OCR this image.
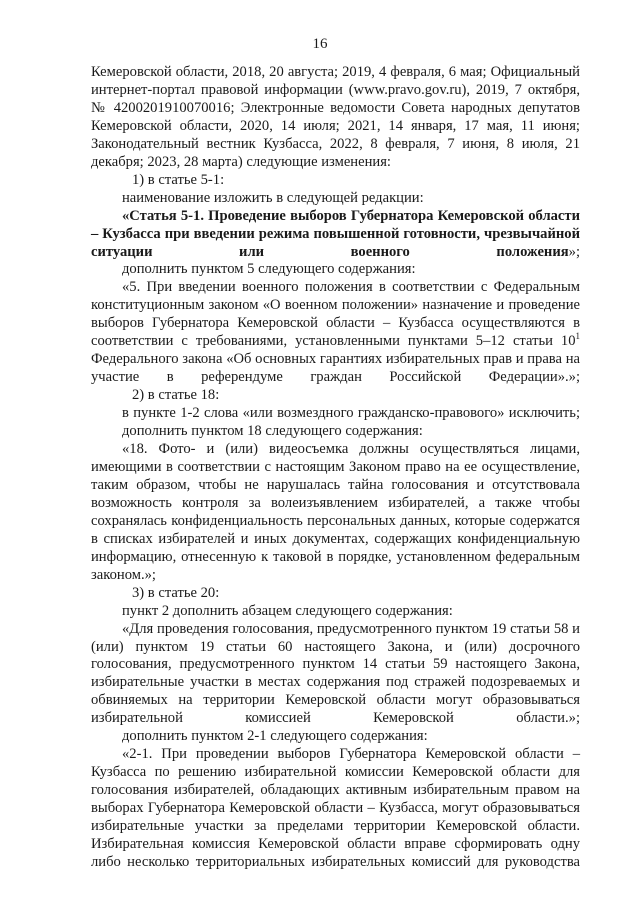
16

Кемеровской области, 2018, 20 августа; 2019, 4 февраля, 6 мая; Официальный интернет-портал правовой информации (www.pravo.gov.ru), 2019, 7 октября, № 4200201910070016; Электронные ведомости Совета народных депутатов Кемеровской области, 2020, 14 июля; 2021, 14 января, 17 мая, 11 июня; Законодательный вестник Кузбасса, 2022, 8 февраля, 7 июня, 8 июля, 21 декабря; 2023, 28 марта) следующие изменения:

1) в статье 5-1:

наименование изложить в следующей редакции:

«Статья 5-1. Проведение выборов Губернатора Кемеровской области – Кузбасса при введении режима повышенной готовности, чрезвычайной ситуации или военного положения»;

дополнить пунктом 5 следующего содержания:

«5. При введении военного положения в соответствии с Федеральным конституционным законом «О военном положении» назначение и проведение выборов Губернатора Кемеровской области – Кузбасса осуществляются в соответствии с требованиями, установленными пунктами 5–12 статьи $10^1$ Федерального закона «Об основных гарантиях избирательных прав и права на участие в референдуме граждан Российской Федерации».»;

2) в статье 18:

в пункте 1-2 слова «или возмездного гражданско-правового» исключить;

дополнить пунктом 18 следующего содержания:

«18. Фото- и (или) видеосъемка должны осуществляться лицами, имеющими в соответствии с настоящим Законом право на ее осуществление, таким образом, чтобы не нарушалась тайна голосования и отсутствовала возможность контроля за волеизъявлением избирателей, а также чтобы сохранялась конфиденциальность персональных данных, которые содержатся в списках избирателей и иных документах, содержащих конфиденциальную информацию, отнесенную к таковой в порядке, установленном федеральным законом.»;

3) в статье 20:

пункт 2 дополнить абзацем следующего содержания:

«Для проведения голосования, предусмотренного пунктом 19 статьи 58 и (или) пунктом 19 статьи 60 настоящего Закона, и (или) досрочного голосования, предусмотренного пунктом 14 статьи 59 настоящего Закона, избирательные участки в местах содержания под стражей подозреваемых и обвиняемых на территории Кемеровской области могут образовываться избирательной комиссией Кемеровской области.»;

дополнить пунктом 2-1 следующего содержания:

«2-1. При проведении выборов Губернатора Кемеровской области – Кузбасса по решению избирательной комиссии Кемеровской области для голосования избирателей, обладающих активным избирательным правом на выборах Губернатора Кемеровской области – Кузбасса, могут образовываться избирательные участки за пределами территории Кемеровской области. Избирательная комиссия Кемеровской области вправе сформировать одну либо несколько территориальных избирательных комиссий для руководства
